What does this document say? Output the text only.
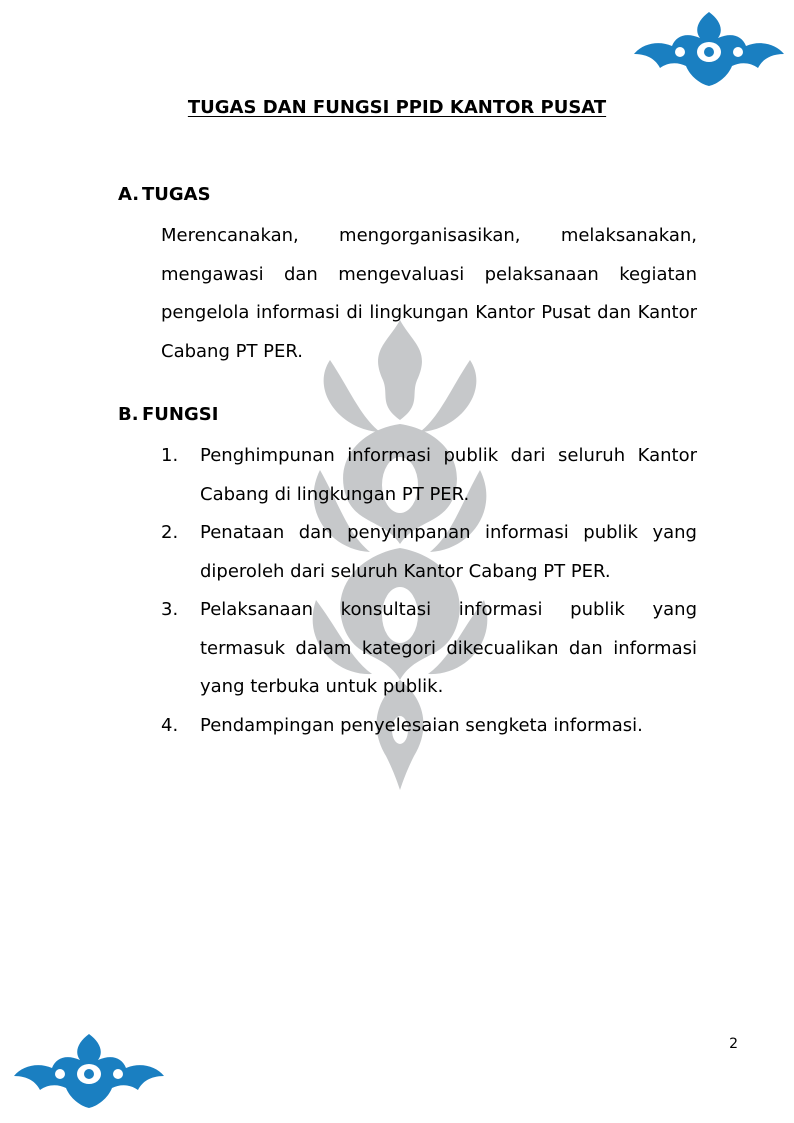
TUGAS DAN FUNGSI PPID KANTOR PUSAT
A. TUGAS
Merencanakan, mengorganisasikan, melaksanakan, mengawasi dan mengevaluasi pelaksanaan kegiatan pengelola informasi di lingkungan Kantor Pusat dan Kantor Cabang PT PER.
B. FUNGSI
1.	Penghimpunan informasi publik dari seluruh Kantor Cabang di lingkungan PT PER.
2.	Penataan dan penyimpanan informasi publik yang diperoleh dari seluruh Kantor Cabang PT PER.
3.	Pelaksanaan konsultasi informasi publik yang termasuk dalam kategori dikecualikan dan informasi yang terbuka untuk publik.
4.	Pendampingan penyelesaian sengketa informasi.
2
